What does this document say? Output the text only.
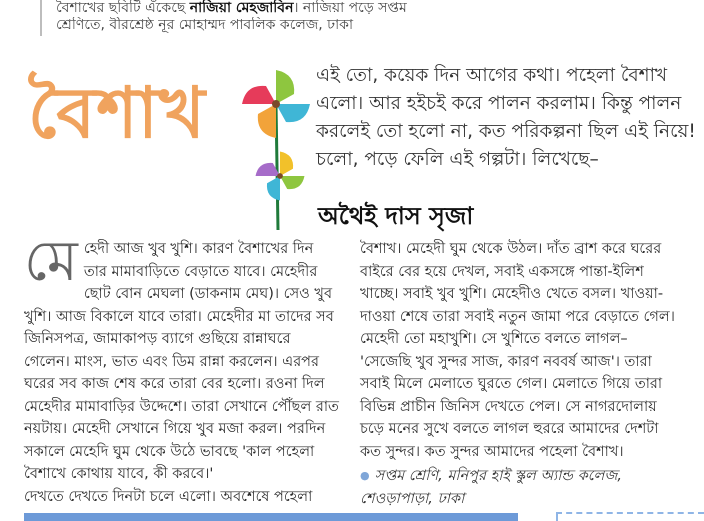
বৈশাখের ছবিটি এঁকেছে নাজিয়া মেহজাবিন। নাজিয়া পড়ে সপ্তম

শ্রেণিতে, বীরশ্রেষ্ঠ নূর মোহাম্মদ পাবলিক কলেজ, ঢাকা

বৈশাখ	এই তো, কয়েক দিন আগের কথা। পহেলা বৈশাখ এলো। আর হইচই করে পালন করলাম। কিন্তু পালন করলেই তো হলো না, কত পরিকল্পনা ছিল এই নিয়ে! চলো, পড়ে ফেলি এই গল্পটা। লিখেছে–

অথৈই দাস সৃজা
মে হেদী আজ খুব খুশি। কারণ বৈশাখের দিন তার মামাবাড়িতে বেড়াতে যাবে। মেহেদীর ছোট বোন মেঘলা (ডাকনাম মেঘ)। সেও খুব খুশি। আজ বিকালে যাবে তারা। মেহেদীর মা তাদের সব জিনিসপত্র, জামাকাপড় ব্যাগে গুছিয়ে রান্নাঘরে গেলেন। মাংস, ভাত এবং ডিম রান্না করলেন। এরপর ঘরের সব কাজ শেষ করে তারা বের হলো। রওনা দিল মেহেদীর মামাবাড়ির উদ্দেশে। তারা সেখানে পৌঁছল রাত নয়টায়। মেহেদী সেখানে গিয়ে খুব মজা করল। পরদিন সকালে মেহেদি ঘুম থেকে উঠে ভাবছে 'কাল পহেলা বৈশাখে কোথায় যাবে, কী করবে।'

দেখতে দেখতে দিনটা চলে এলো। অবশেষে পহেলা

বৈশাখ। মেহেদী ঘুম থেকে উঠল। দাঁত ব্রাশ করে ঘরের বাইরে বের হয়ে দেখল, সবাই একসঙ্গে পান্তা-ইলিশ খাচ্ছে। সবাই খুব খুশি। মেহেদীও খেতে বসল। খাওয়া-দাওয়া শেষে তারা সবাই নতুন জামা পরে বেড়াতে গেল। মেহেদী তো মহাখুশি। সে খুশিতে বলতে লাগল– 'সেজেছি খুব সুন্দর সাজ, কারণ নববর্ষ আজ'। তারা সবাই মিলে মেলাতে ঘুরতে গেল। মেলাতে গিয়ে তারা বিভিন্ন প্রাচীন জিনিস দেখতে পেল। সে নাগরদোলায় চড়ে মনের সুখে বলতে লাগল হুররে আমাদের দেশটা কত সুন্দর। কত সুন্দর আমাদের পহেলা বৈশাখ।

● সপ্তম শ্রেণি, মনিপুর হাই স্কুল অ্যান্ড কলেজ, শেওড়াপাড়া, ঢাকা
